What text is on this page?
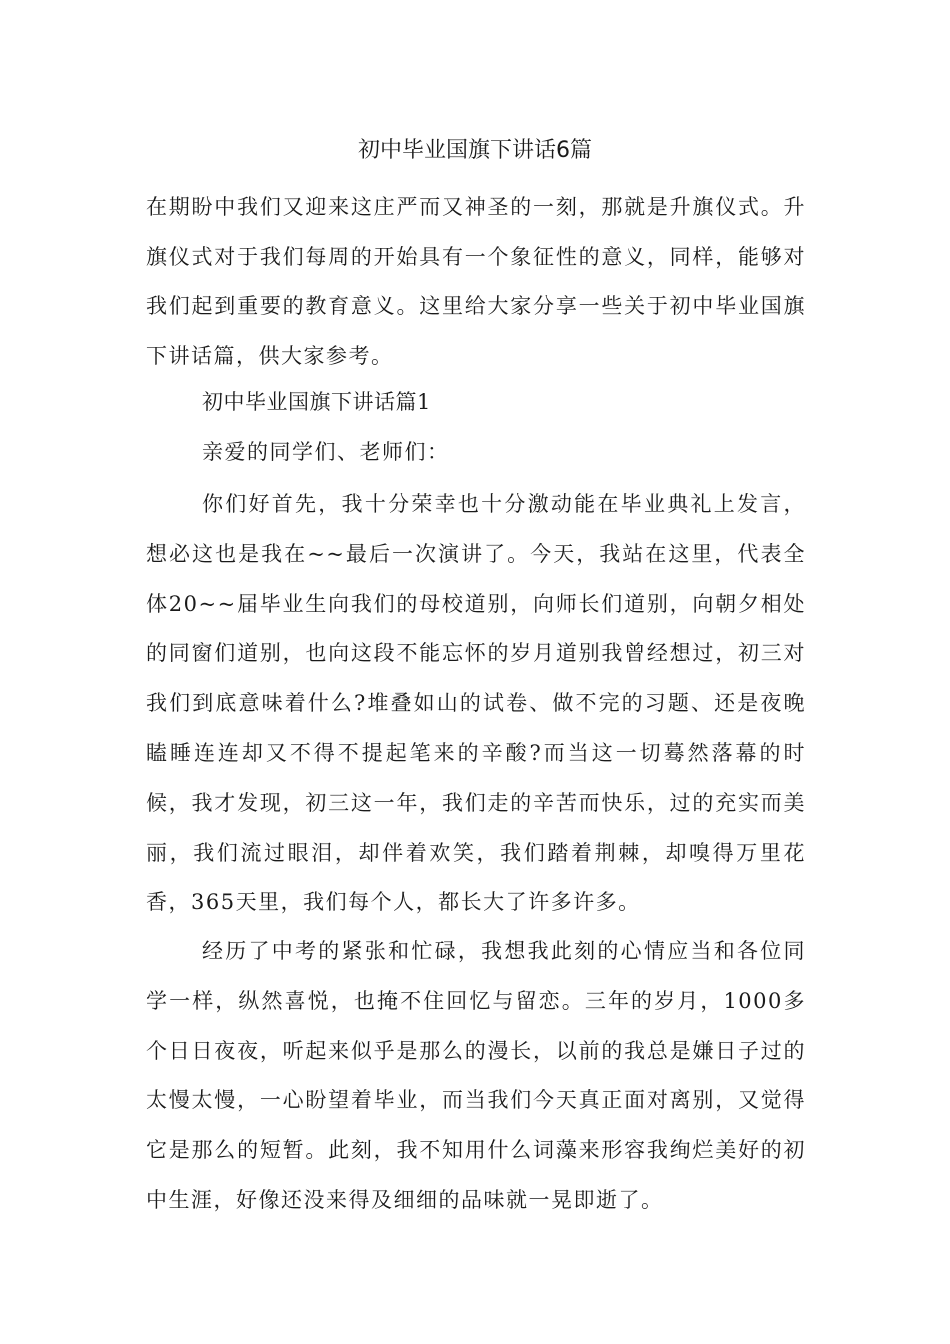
初中毕业国旗下讲话6篇
在期盼中我们又迎来这庄严而又神圣的一刻，那就是升旗仪式。升旗仪式对于我们每周的开始具有一个象征性的意义，同样，能够对我们起到重要的教育意义。这里给大家分享一些关于初中毕业国旗下讲话篇，供大家参考。
初中毕业国旗下讲话篇1
亲爱的同学们、老师们：
你们好首先，我十分荣幸也十分激动能在毕业典礼上发言，想必这也是我在~~最后一次演讲了。今天，我站在这里，代表全体20~~届毕业生向我们的母校道别，向师长们道别，向朝夕相处的同窗们道别，也向这段不能忘怀的岁月道别我曾经想过，初三对我们到底意味着什么?堆叠如山的试卷、做不完的习题、还是夜晚瞌睡连连却又不得不提起笔来的辛酸?而当这一切蓦然落幕的时候，我才发现，初三这一年，我们走的辛苦而快乐，过的充实而美丽，我们流过眼泪，却伴着欢笑，我们踏着荆棘，却嗅得万里花香，365天里，我们每个人，都长大了许多许多。
经历了中考的紧张和忙碌，我想我此刻的心情应当和各位同学一样，纵然喜悦，也掩不住回忆与留恋。三年的岁月，1000多个日日夜夜，听起来似乎是那么的漫长，以前的我总是嫌日子过的太慢太慢，一心盼望着毕业，而当我们今天真正面对离别，又觉得它是那么的短暂。此刻，我不知用什么词藻来形容我绚烂美好的初中生涯，好像还没来得及细细的品味就一晃即逝了。
